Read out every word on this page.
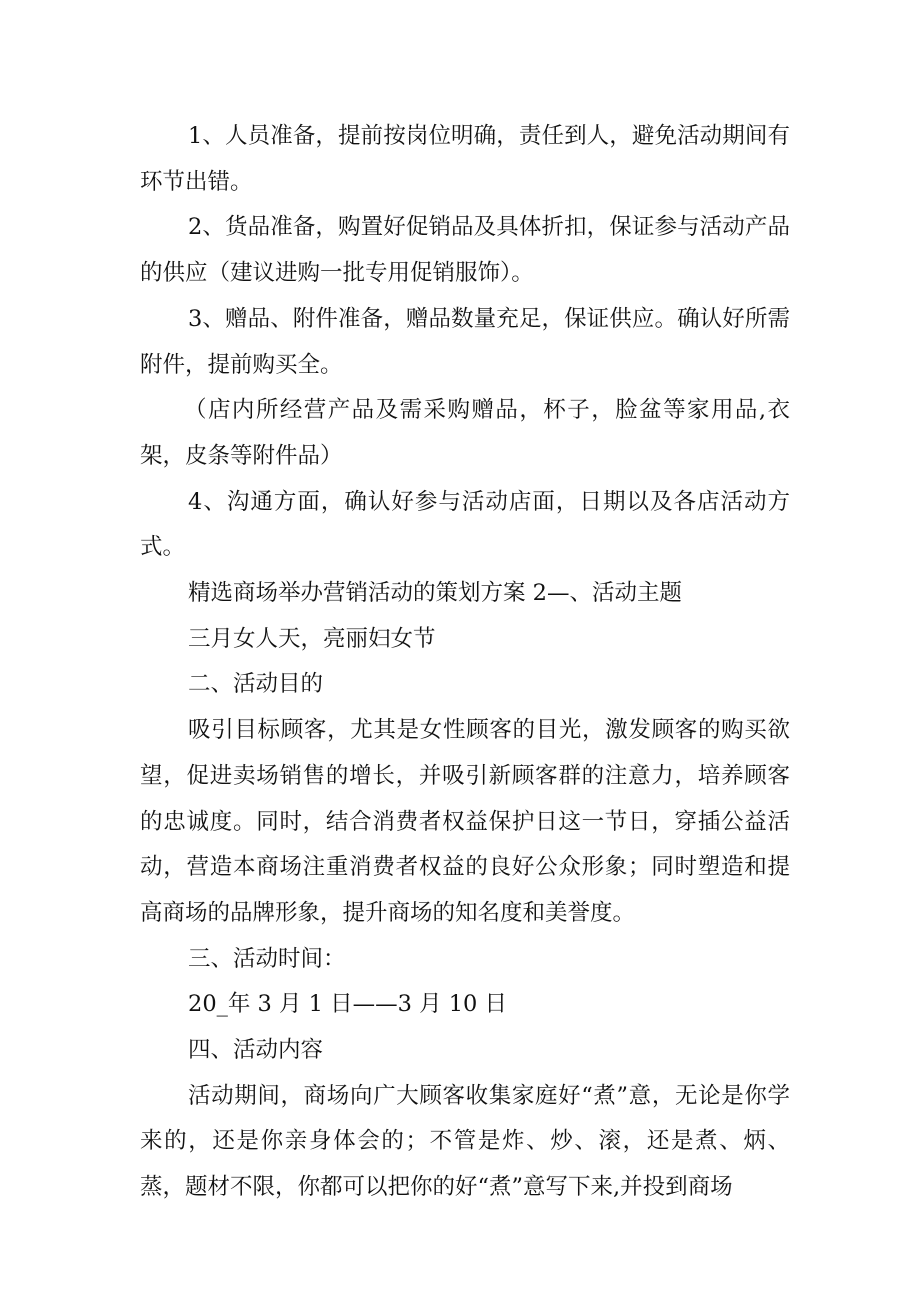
1、人员准备，提前按岗位明确，责任到人，避免活动期间有环节出错。

2、货品准备，购置好促销品及具体折扣，保证参与活动产品的供应（建议进购一批专用促销服饰）。

3、赠品、附件准备，赠品数量充足，保证供应。确认好所需附件，提前购买全。

（店内所经营产品及需采购赠品，杯子，脸盆等家用品,衣架，皮条等附件品）

4、沟通方面，确认好参与活动店面，日期以及各店活动方式。

精选商场举办营销活动的策划方案 2—、活动主题

三月女人天，亮丽妇女节

二、活动目的

吸引目标顾客，尤其是女性顾客的目光，激发顾客的购买欲望，促进卖场销售的增长，并吸引新顾客群的注意力，培养顾客的忠诚度。同时，结合消费者权益保护日这一节日，穿插公益活动，营造本商场注重消费者权益的良好公众形象；同时塑造和提高商场的品牌形象，提升商场的知名度和美誉度。

三、活动时间：

20_年 3 月 1 日——3 月 10 日

四、活动内容

活动期间，商场向广大顾客收集家庭好“煮”意，无论是你学来的，还是你亲身体会的；不管是炸、炒、滚，还是煮、炳、蒸，题材不限，你都可以把你的好“煮”意写下来,并投到商场
